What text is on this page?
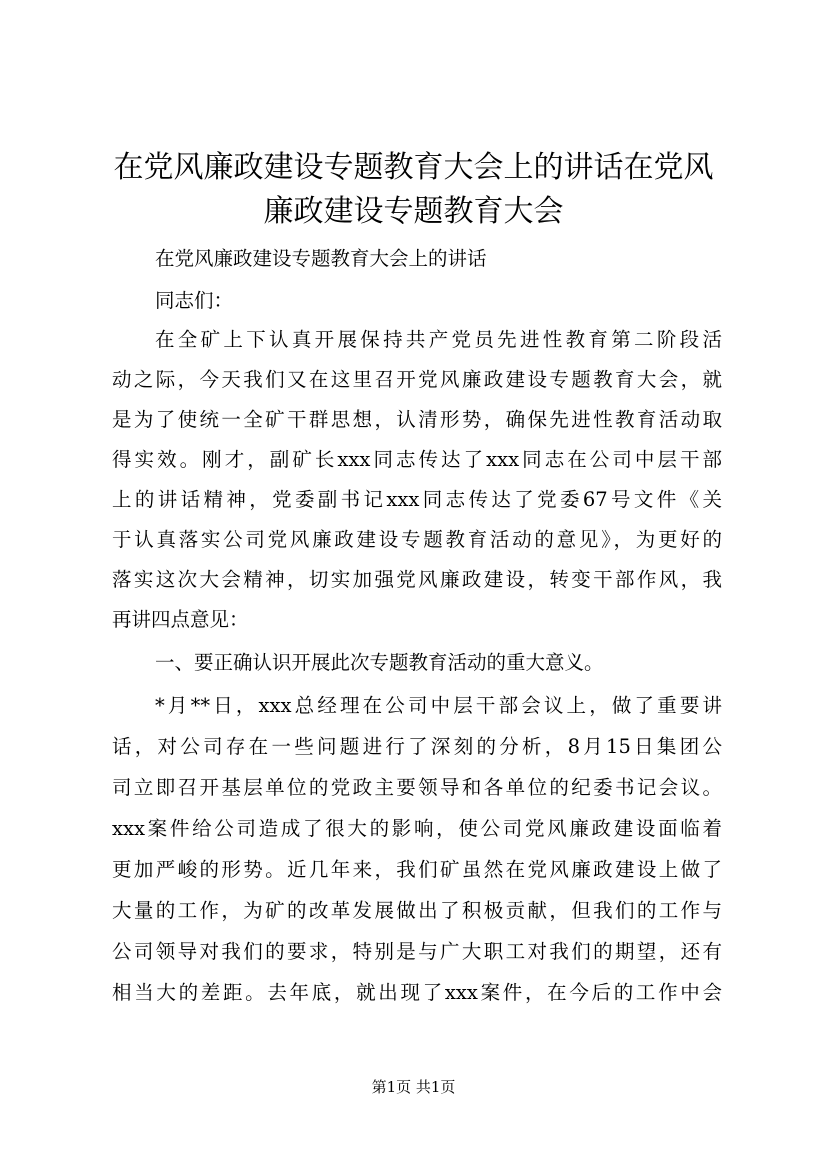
在党风廉政建设专题教育大会上的讲话在党风廉政建设专题教育大会

在党风廉政建设专题教育大会上的讲话

同志们：

在全矿上下认真开展保持共产党员先进性教育第二阶段活

动之际，今天我们又在这里召开党风廉政建设专题教育大会，就

是为了使统一全矿干群思想，认清形势，确保先进性教育活动取

得实效。刚才，副矿长xxx同志传达了xxx同志在公司中层干部

上的讲话精神，党委副书记xxx同志传达了党委67号文件《关

于认真落实公司党风廉政建设专题教育活动的意见》，为更好的

落实这次大会精神，切实加强党风廉政建设，转变干部作风，我

再讲四点意见：

一、要正确认识开展此次专题教育活动的重大意义。

*月**日，xxx总经理在公司中层干部会议上，做了重要讲

话，对公司存在一些问题进行了深刻的分析，8月15日集团公

司立即召开基层单位的党政主要领导和各单位的纪委书记会议。

xxx案件给公司造成了很大的影响，使公司党风廉政建设面临着

更加严峻的形势。近几年来，我们矿虽然在党风廉政建设上做了

大量的工作，为矿的改革发展做出了积极贡献，但我们的工作与

公司领导对我们的要求，特别是与广大职工对我们的期望，还有

相当大的差距。去年底，就出现了xxx案件，在今后的工作中会

第1页 共1页
